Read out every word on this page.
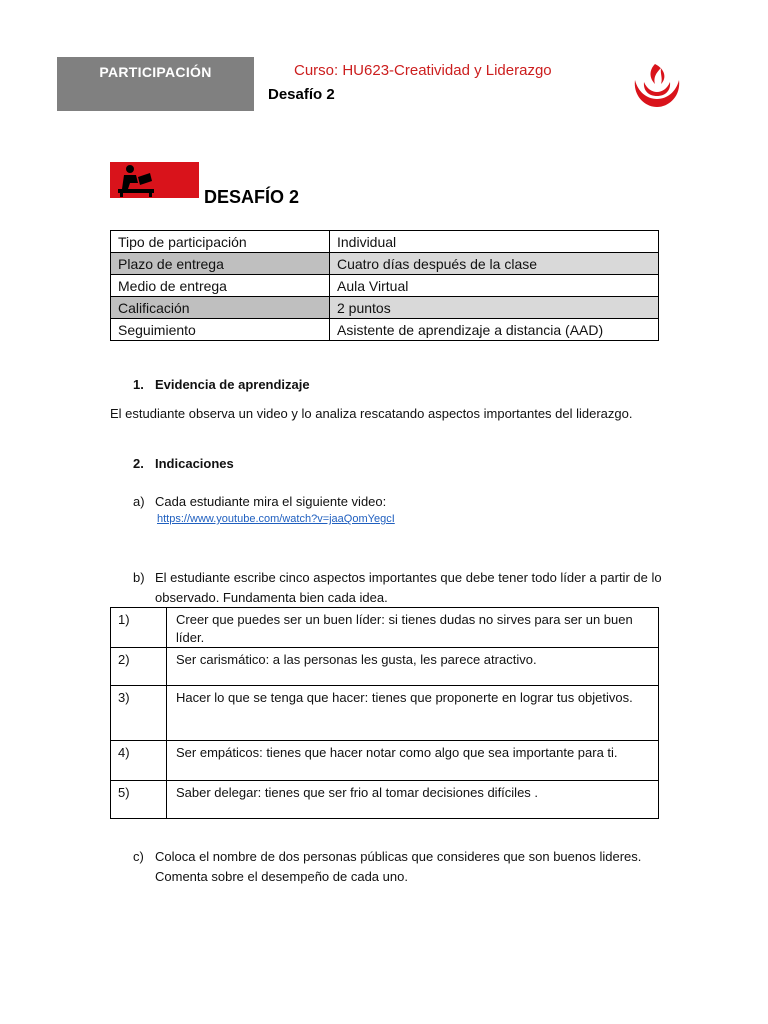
PARTICIPACIÓN	Curso: HU623-Creatividad y Liderazgo
Desafío 2
DESAFÍO 2
Tipo de participación	Individual
Plazo de entrega	Cuatro días después de la clase
Medio de entrega	Aula Virtual
Calificación	2 puntos
Seguimiento	Asistente de aprendizaje a distancia (AAD)
1. Evidencia de aprendizaje
El estudiante observa un video y lo analiza rescatando aspectos importantes del liderazgo.
2. Indicaciones
a) Cada estudiante mira el siguiente video:
https://www.youtube.com/watch?v=jaaQomYegcI
b) El estudiante escribe cinco aspectos importantes que debe tener todo líder a partir de lo observado. Fundamenta bien cada idea.
1)	Creer que puedes ser un buen líder: si tienes dudas no sirves para ser un buen líder.
2)	Ser carismático: a las personas les gusta, les parece atractivo.
3)	Hacer lo que se tenga que hacer: tienes que proponerte en lograr tus objetivos.
4)	Ser empáticos: tienes que hacer notar como algo que sea importante para ti.
5)	Saber delegar: tienes que ser frio al tomar decisiones difíciles .
c) Coloca el nombre de dos personas públicas que consideres que son buenos lideres. Comenta sobre el desempeño de cada uno.
